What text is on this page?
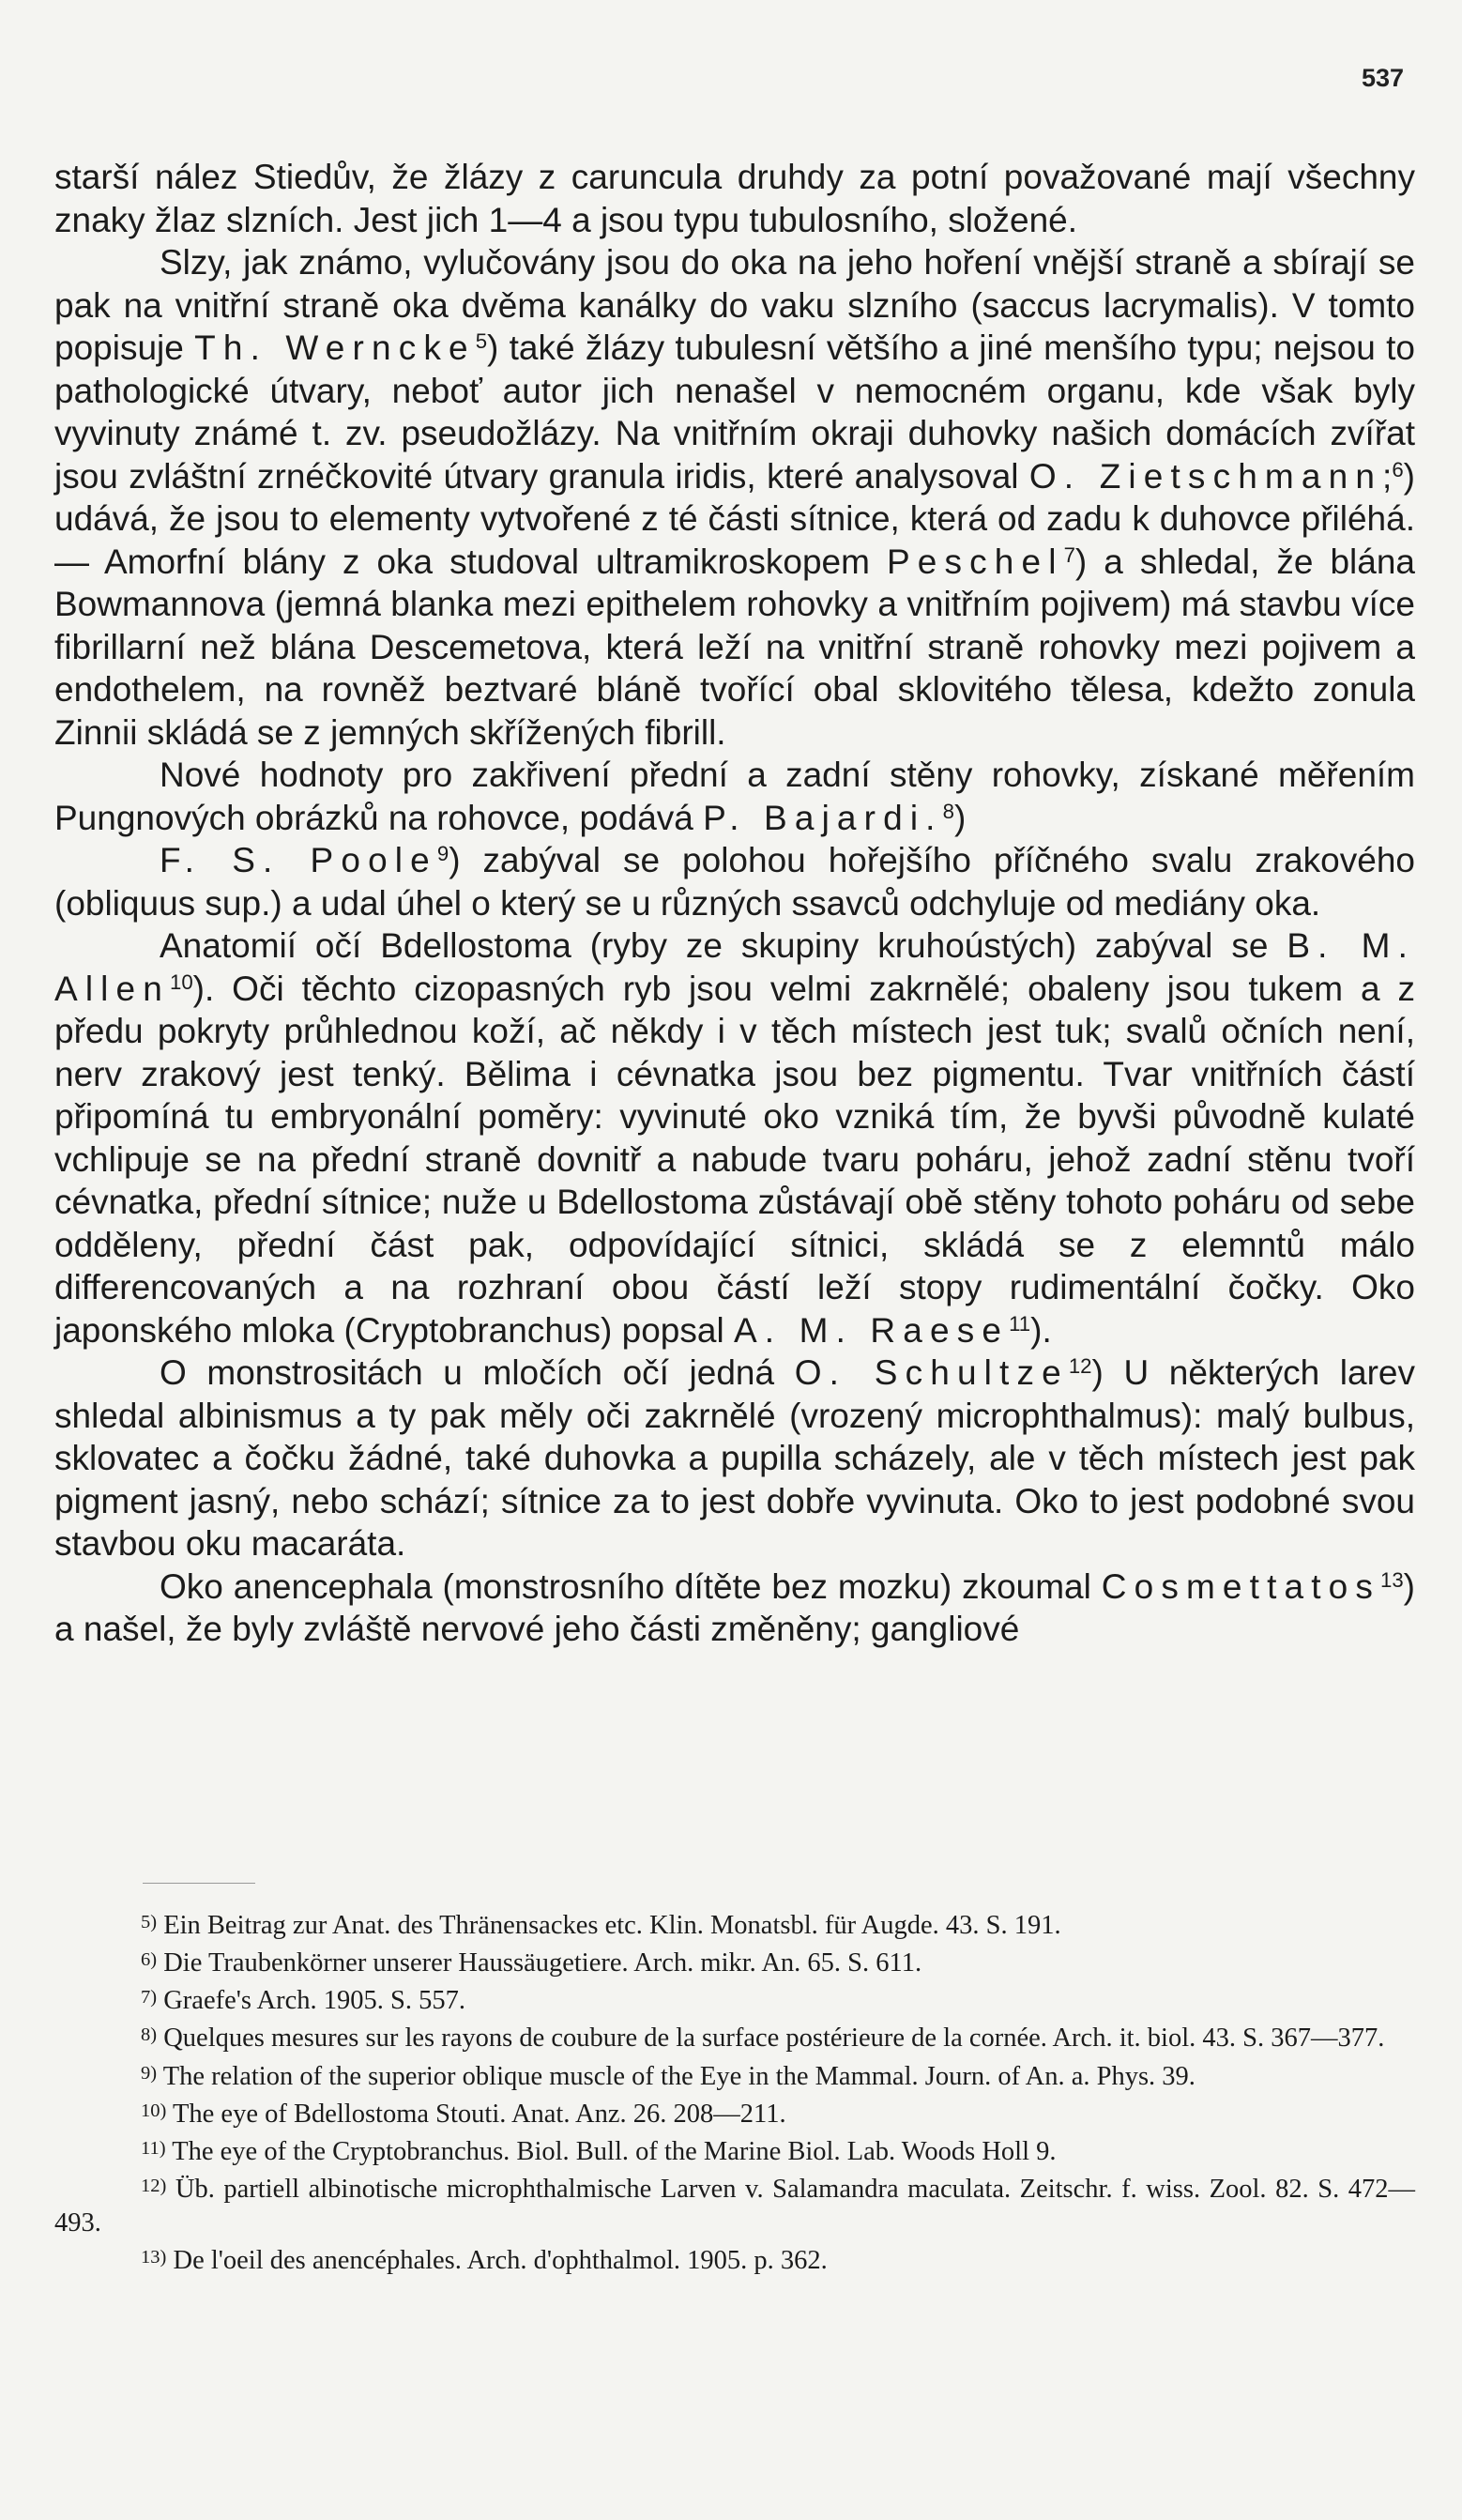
537

starší nález Stiedův, že žlázy z caruncula druhdy za potní považované mají všechny znaky žlaz slzních. Jest jich 1—4 a jsou typu tubulosního, složené.

Slzy, jak známo, vylučovány jsou do oka na jeho hoření vnější straně a sbírají se pak na vnitřní straně oka dvěma kanálky do vaku slzního (saccus lacrymalis). V tomto popisuje Th. Werncke$^5$) také žlázy tubulesní většího a jiné menšího typu; nejsou to pathologické útvary, neboť autor jich nenašel v nemocném organu, kde však byly vyvinuty známé t. zv. pseudožlázy. Na vnitřním okraji duhovky našich domácích zvířat jsou zvláštní zrnéčkovité útvary granula iridis, které analysoval O. Zietschmann;$^6$) udává, že jsou to elementy vytvořené z té části sítnice, která od zadu k duhovce přiléhá. — Amorfní blány z oka studoval ultramikroskopem Peschel$^7$) a shledal, že blána Bowmannova (jemná blanka mezi epithelem rohovky a vnitřním pojivem) má stavbu více fibrillarní než blána Descemetova, která leží na vnitřní straně rohovky mezi pojivem a endothelem, na rovněž beztvaré bláně tvořící obal sklovitého tělesa, kdežto zonula Zinnii skládá se z jemných skřížených fibrill.

Nové hodnoty pro zakřivení přední a zadní stěny rohovky, získané měřením Pungnových obrázků na rohovce, podává P. Bajardi.$^8$)

F. S. Poole$^9$) zabýval se polohou hořejšího příčného svalu zrakového (obliquus sup.) a udal úhel o který se u různých ssavců odchyluje od mediány oka.

Anatomií očí Bdellostoma (ryby ze skupiny kruhoústých) zabýval se B. M. Allen$^{10}$). Oči těchto cizopasných ryb jsou velmi zakrnělé; obaleny jsou tukem a z předu pokryty průhlednou koží, ač někdy i v těch místech jest tuk; svalů očních není, nerv zrakový jest tenký. Bělima i cévnatka jsou bez pigmentu. Tvar vnitřních částí připomíná tu embryonální poměry: vyvinuté oko vzniká tím, že byvši původně kulaté vchlipuje se na přední straně dovnitř a nabude tvaru poháru, jehož zadní stěnu tvoří cévnatka, přední sítnice; nuže u Bdellostoma zůstávají obě stěny tohoto poháru od sebe odděleny, přední část pak, odpovídající sítnici, skládá se z elemntů málo differencovaných a na rozhraní obou částí leží stopy rudimentální čočky. Oko japonského mloka (Cryptobranchus) popsal A. M. Raese$^{11}$).

O monstrositách u mločích očí jedná O. Schultze$^{12}$) U některých larev shledal albinismus a ty pak měly oči zakrnělé (vrozený microphthalmus): malý bulbus, sklovatec a čočku žádné, také duhovka a pupilla scházely, ale v těch místech jest pak pigment jasný, nebo schází; sítnice za to jest dobře vyvinuta. Oko to jest podobné svou stavbou oku macaráta.

Oko anencephala (monstrosního dítěte bez mozku) zkoumal Cosmettatos$^{13}$) a našel, že byly zvláště nervové jeho části změněny; gangliové

$^{5)}$ Ein Beitrag zur Anat. des Thränensackes etc. Klin. Monatsbl. für Augde. 43. S. 191.

$^{6)}$ Die Traubenkörner unserer Haussäugetiere. Arch. mikr. An. 65. S. 611.

$^{7)}$ Graefe's Arch. 1905. S. 557.

$^{8)}$ Quelques mesures sur les rayons de coubure de la surface postérieure de la cornée. Arch. it. biol. 43. S. 367—377.

$^{9)}$ The relation of the superior oblique muscle of the Eye in the Mammal. Journ. of An. a. Phys. 39.

$^{10)}$ The eye of Bdellostoma Stouti. Anat. Anz. 26. 208—211.

$^{11)}$ The eye of the Cryptobranchus. Biol. Bull. of the Marine Biol. Lab. Woods Holl 9.

$^{12)}$ Üb. partiell albinotische microphthalmische Larven v. Salamandra maculata. Zeitschr. f. wiss. Zool. 82. S. 472—493.

$^{13)}$ De l'oeil des anencéphales. Arch. d'ophthalmol. 1905. p. 362.
